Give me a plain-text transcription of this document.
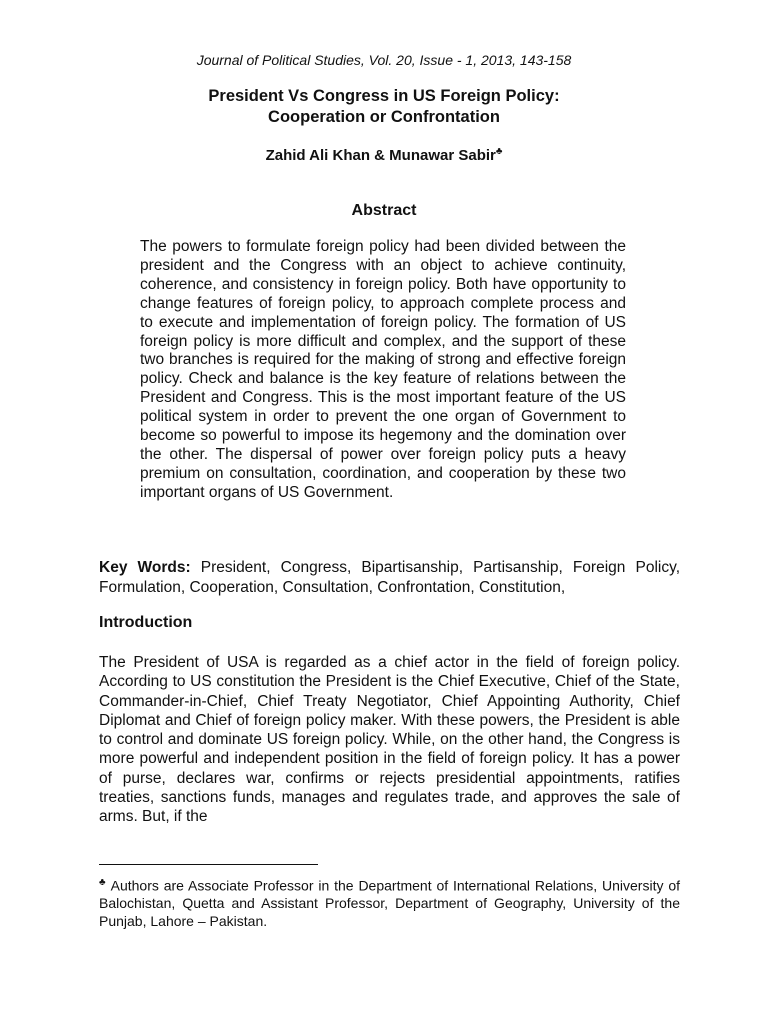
Journal of Political Studies, Vol. 20, Issue - 1, 2013, 143-158
President Vs Congress in US Foreign Policy:
Cooperation or Confrontation
Zahid Ali Khan & Munawar Sabir♣
Abstract
The powers to formulate foreign policy had been divided between the president and the Congress with an object to achieve continuity, coherence, and consistency in foreign policy. Both have opportunity to change features of foreign policy, to approach complete process and to execute and implementation of foreign policy. The formation of US foreign policy is more difficult and complex, and the support of these two branches is required for the making of strong and effective foreign policy. Check and balance is the key feature of relations between the President and Congress. This is the most important feature of the US political system in order to prevent the one organ of Government to become so powerful to impose its hegemony and the domination over the other. The dispersal of power over foreign policy puts a heavy premium on consultation, coordination, and cooperation by these two important organs of US Government.
Key Words: President, Congress, Bipartisanship, Partisanship, Foreign Policy, Formulation, Cooperation, Consultation, Confrontation, Constitution,
Introduction
The President of USA is regarded as a chief actor in the field of foreign policy. According to US constitution the President is the Chief Executive, Chief of the State, Commander-in-Chief, Chief Treaty Negotiator, Chief Appointing Authority, Chief Diplomat and Chief of foreign policy maker. With these powers, the President is able to control and dominate US foreign policy. While, on the other hand, the Congress is more powerful and independent position in the field of foreign policy. It has a power of purse, declares war, confirms or rejects presidential appointments, ratifies treaties, sanctions funds, manages and regulates trade, and approves the sale of arms. But, if the
♣ Authors are Associate Professor in the Department of International Relations, University of Balochistan, Quetta and Assistant Professor, Department of Geography, University of the Punjab, Lahore – Pakistan.
